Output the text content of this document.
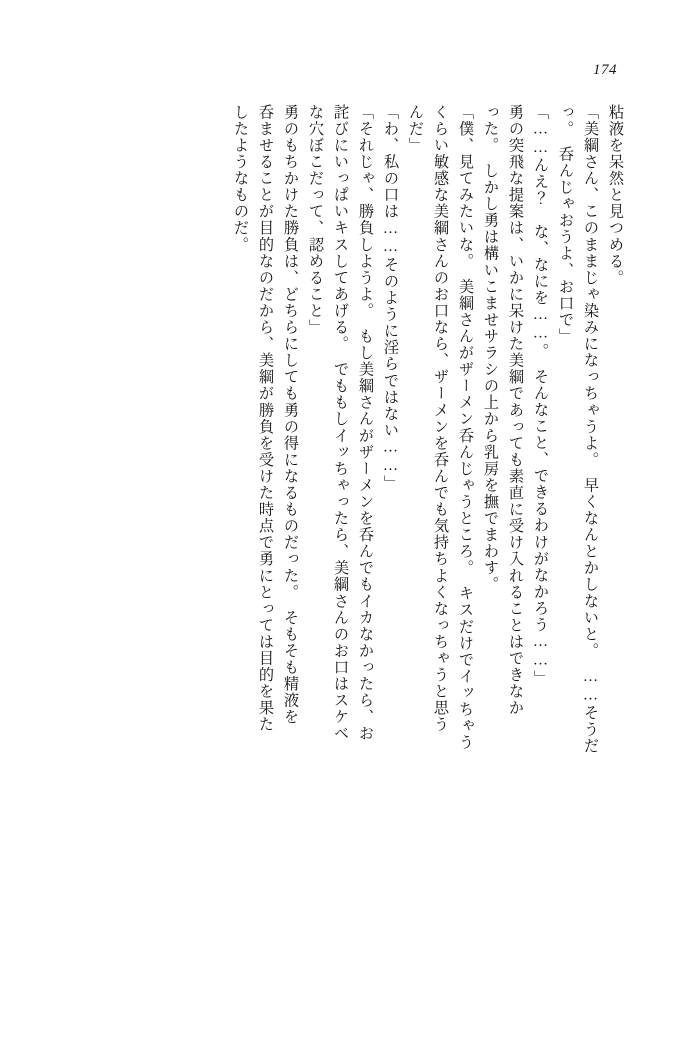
174
粘液を呆然と見つめる。
「美綱さん、このままじゃ染みになっちゃうよ。　早くなんとかしないと。　……そうだ
っ。　呑んじゃおうよ、お口で」
「……んえ？　な、なにを……。　そんなこと、できるわけがなかろう……」
勇の突飛な提案は、いかに呆けた美綱であっても素直に受け入れることはできなか
った。　しかし勇は構いこませサラシの上から乳房を撫でまわす。
「僕、見てみたいな。　美綱さんがザーメン呑んじゃうところ。　キスだけでイッちゃう
くらい敏感な美綱さんのお口なら、ザーメンを呑んでも気持ちよくなっちゃうと思う
んだ」
「わ、私の口は……そのように淫らではない……」
「それじゃ、勝負しようよ。　もし美綱さんがザーメンを呑んでもイカなかったら、お
詫びにいっぱいキスしてあげる。　でももしイッちゃったら、美綱さんのお口はスケベ
な穴ぼこだって、認めること」
勇のもちかけた勝負は、どちらにしても勇の得になるものだった。　そもそも精液を
呑ませることが目的なのだから、美綱が勝負を受けた時点で勇にとっては目的を果た
したようなものだ。
